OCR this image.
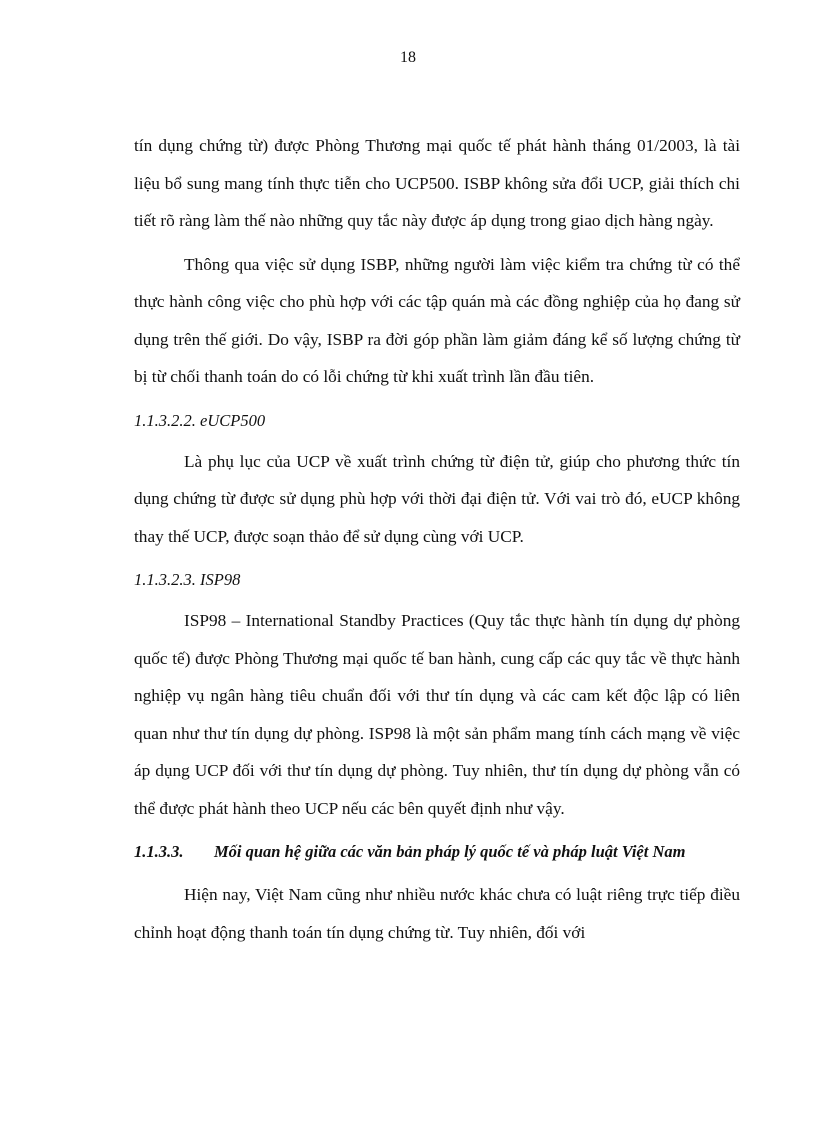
18

tín dụng chứng từ) được Phòng Thương mại quốc tế phát hành tháng 01/2003, là tài liệu bổ sung mang tính thực tiễn cho UCP500. ISBP không sửa đổi UCP, giải thích chi tiết rõ ràng làm thế nào những quy tắc này được áp dụng trong giao dịch hàng ngày.

Thông qua việc sử dụng ISBP, những người làm việc kiểm tra chứng từ có thể thực hành công việc cho phù hợp với các tập quán mà các đồng nghiệp của họ đang sử dụng trên thế giới. Do vậy, ISBP ra đời góp phần làm giảm đáng kể số lượng chứng từ bị từ chối thanh toán do có lỗi chứng từ khi xuất trình lần đầu tiên.

1.1.3.2.2. eUCP500

Là phụ lục của UCP về xuất trình chứng từ điện tử, giúp cho phương thức tín dụng chứng từ được sử dụng phù hợp với thời đại điện tử. Với vai trò đó, eUCP không thay thế UCP, được soạn thảo để sử dụng cùng với UCP.

1.1.3.2.3. ISP98

ISP98 – International Standby Practices (Quy tắc thực hành tín dụng dự phòng quốc tế) được Phòng Thương mại quốc tế ban hành, cung cấp các quy tắc về thực hành nghiệp vụ ngân hàng tiêu chuẩn đối với thư tín dụng và các cam kết độc lập có liên quan như thư tín dụng dự phòng. ISP98 là một sản phẩm mang tính cách mạng về việc áp dụng UCP đối với thư tín dụng dự phòng. Tuy nhiên, thư tín dụng dự phòng vẫn có thể được phát hành theo UCP nếu các bên quyết định như vậy.

1.1.3.3. Mối quan hệ giữa các văn bản pháp lý quốc tế và pháp luật Việt Nam

Hiện nay, Việt Nam cũng như nhiều nước khác chưa có luật riêng trực tiếp điều chỉnh hoạt động thanh toán tín dụng chứng từ. Tuy nhiên, đối với
